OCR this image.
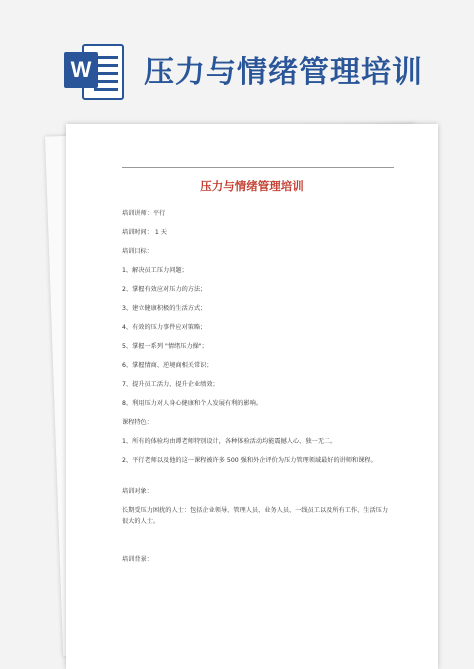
W 压力与情绪管理培训
压力与情绪管理培训
培训讲师：平行
培训时间： 1 天
培训目标：
1、解决员工压力问题；
2、掌握有效应对压力的方法；
3、建立健康积极的生活方式；
4、有效的压力事件应对策略；
5、掌握一系列 "情绪压力操"；
6、掌握情商、逆境商相关常识；
7、提升员工活力、提升企业绩效；
8、利用压力对人身心健康和个人发展有利的影响。
课程特色：
1、所有的体验均由谭老师特别设计，各种体验活动均能震撼人心、独一无二。
2、平行老师以及他的这一课程被许多 500 强和外企评价为压力管理领域最好的讲师和课程。
培训对象：
长期受压力困扰的人士：包括企业领导、管理人员、业务人员、一线员工以及所有工作、生活压力很大的人士。
培训背景：
